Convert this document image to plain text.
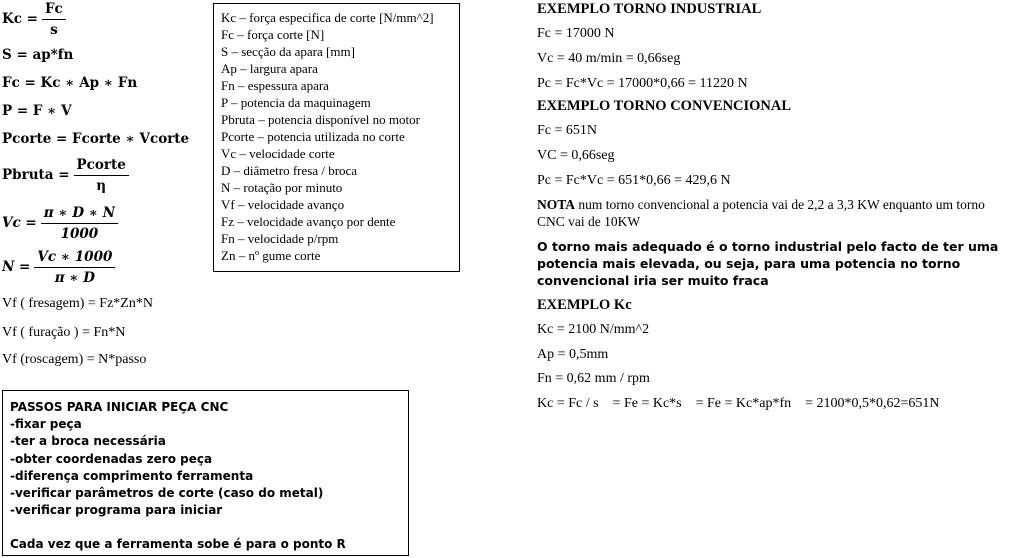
$Kc = \frac{Fc}{s}$
S = ap*fn
Fc = Kc ∗ Ap ∗ Fn
P = F ∗ V
Pcorte = Fcorte ∗ Vcorte
Pbruta = $\frac{\text{Pcorte}}{\eta}$
$Vc = \frac{\pi ∗ D ∗ N}{1000}$
$N = \frac{Vc ∗ 1000}{\pi ∗ D}$
Vf ( fresagem) = Fz*Zn*N
Vf ( furação ) = Fn*N
Vf (roscagem) = N*passo
Kc – força especifica de corte [N/mm^2]
Fc – força corte [N]
S – secção da apara [mm]
Ap – largura apara
Fn – espessura apara
P – potencia da maquinagem
Pbruta – potencia disponível no motor
Pcorte – potencia utilizada no corte
Vc – velocidade corte
D – diâmetro fresa / broca
N – rotação por minuto
Vf – velocidade avanço
Fz – velocidade avanço por dente
Fn – velocidade p/rpm
Zn – nº gume corte
PASSOS PARA INICIAR PEÇA CNC
-fixar peça
-ter a broca necessária
-obter coordenadas zero peça
-diferença comprimento ferramenta
-verificar parâmetros de corte (caso do metal)
-verificar programa para iniciar
Cada vez que a ferramenta sobe é para o ponto R
EXEMPLO TORNO INDUSTRIAL
Fc = 17000 N
Vc = 40 m/min = 0,66seg
Pc = Fc*Vc = 17000*0,66 = 11220 N
EXEMPLO TORNO CONVENCIONAL
Fc = 651N
VC = 0,66seg
Pc = Fc*Vc = 651*0,66 = 429,6 N
NOTA num torno convencional a potencia vai de 2,2 a 3,3 KW enquanto um torno
CNC vai de 10KW
O torno mais adequado é o torno industrial pelo facto de ter uma
potencia mais elevada, ou seja, para uma potencia no torno
convencional iria ser muito fraca
EXEMPLO Kc
Kc = 2100 N/mm^2
Ap = 0,5mm
Fn = 0,62 mm / rpm
Kc = Fc / s    = Fe = Kc*s    = Fe = Kc*ap*fn    = 2100*0,5*0,62=651N
